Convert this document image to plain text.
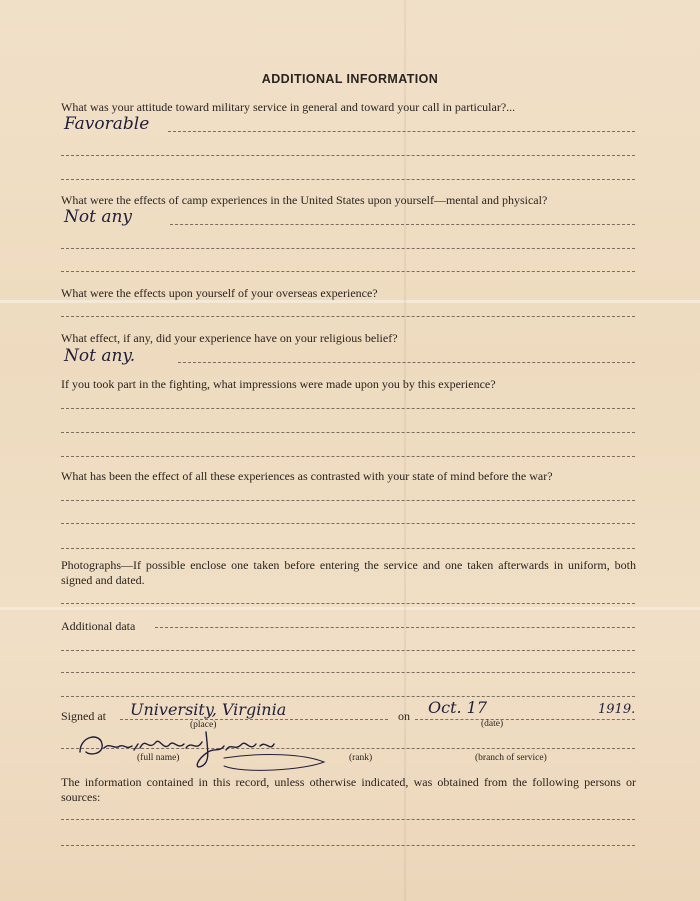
ADDITIONAL INFORMATION
What was your attitude toward military service in general and toward your call in particular?...
Favorable
What were the effects of camp experiences in the United States upon yourself—mental and physical?
Not any
What were the effects upon yourself of your overseas experience?
What effect, if any, did your experience have on your religious belief?
Not any.
If you took part in the fighting, what impressions were made upon you by this experience?
What has been the effect of all these experiences as contrasted with your state of mind before the war?
Photographs—If possible enclose one taken before entering the service and one taken afterwards in uniform, both signed and dated.
Additional data
Signed at University, Virginia
(place)
on Oct. 17	1919.
(date)
(full name)	(rank)	(branch of service)
The information contained in this record, unless otherwise indicated, was obtained from the following persons or sources:
